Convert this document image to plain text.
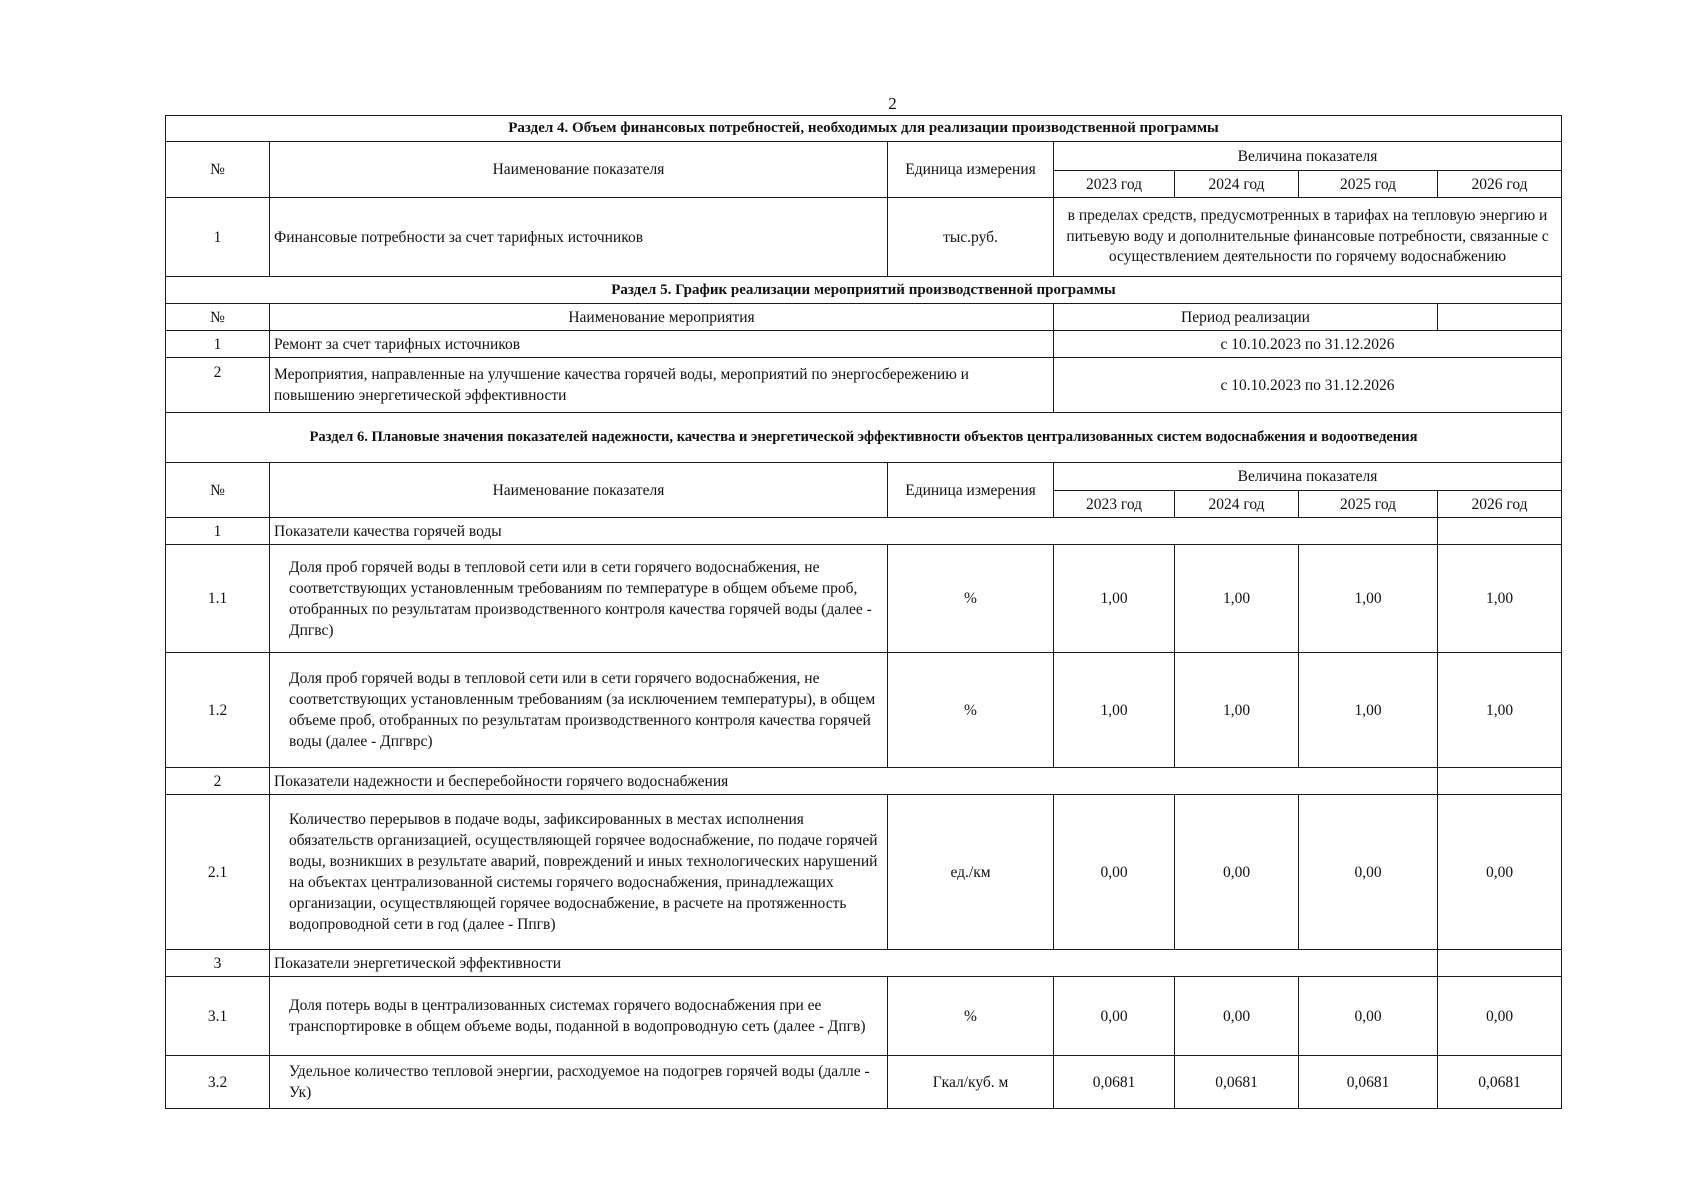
2
Раздел 4. Объем финансовых потребностей, необходимых для реализации производственной программы						
№	Наименование показателя	Единица измерения	Величина показателя			
			2023 год	2024 год	2025 год	2026 год
1	Финансовые потребности за счет тарифных источников	тыс.руб.	в пределах средств, предусмотренных в тарифах на тепловую энергию и питьевую воду и дополнительные финансовые потребности, связанные с осуществлением деятельности по горячему водоснабжению			
Раздел 5. График реализации мероприятий производственной программы						
№	Наименование мероприятия		Период реализации			
1	Ремонт за счет тарифных источников		с 10.10.2023 по 31.12.2026			
2	Мероприятия, направленные на улучшение качества горячей воды, мероприятий по энергосбережению и повышению энергетической эффективности		с 10.10.2023 по 31.12.2026			
Раздел 6. Плановые значения показателей надежности, качества и энергетической эффективности объектов централизованных систем водоснабжения и водоотведения						
№	Наименование показателя	Единица измерения	Величина показателя			
			2023 год	2024 год	2025 год	2026 год
1	Показатели качества горячей воды					
1.1	Доля проб горячей воды в тепловой сети или в сети горячего водоснабжения, не соответствующих установленным требованиям по температуре в общем объеме проб, отобранных по результатам производственного контроля качества горячей воды (далее - Дпгвс)	%	1,00	1,00	1,00	1,00
1.2	Доля проб горячей воды в тепловой сети или в сети горячего водоснабжения, не соответствующих установленным требованиям (за исключением температуры), в общем объеме проб, отобранных по результатам производственного контроля качества горячей воды (далее - Дпгврс)	%	1,00	1,00	1,00	1,00
2	Показатели надежности и бесперебойности горячего водоснабжения					
2.1	Количество перерывов в подаче воды, зафиксированных в местах исполнения обязательств организацией, осуществляющей горячее водоснабжение, по подаче горячей воды, возникших в результате аварий, повреждений и иных технологических нарушений на объектах централизованной системы горячего водоснабжения, принадлежащих организации, осуществляющей горячее водоснабжение, в расчете на протяженность водопроводной сети в год (далее - Ппгв)	ед./км	0,00	0,00	0,00	0,00
3	Показатели энергетической эффективности					
3.1	Доля потерь воды в централизованных системах горячего водоснабжения при ее транспортировке в общем объеме воды, поданной в водопроводную сеть (далее - Дпгв)	%	0,00	0,00	0,00	0,00
3.2	Удельное количество тепловой энергии, расходуемое на подогрев горячей воды (далле - Ук)	Гкал/куб. м	0,0681	0,0681	0,0681	0,0681
